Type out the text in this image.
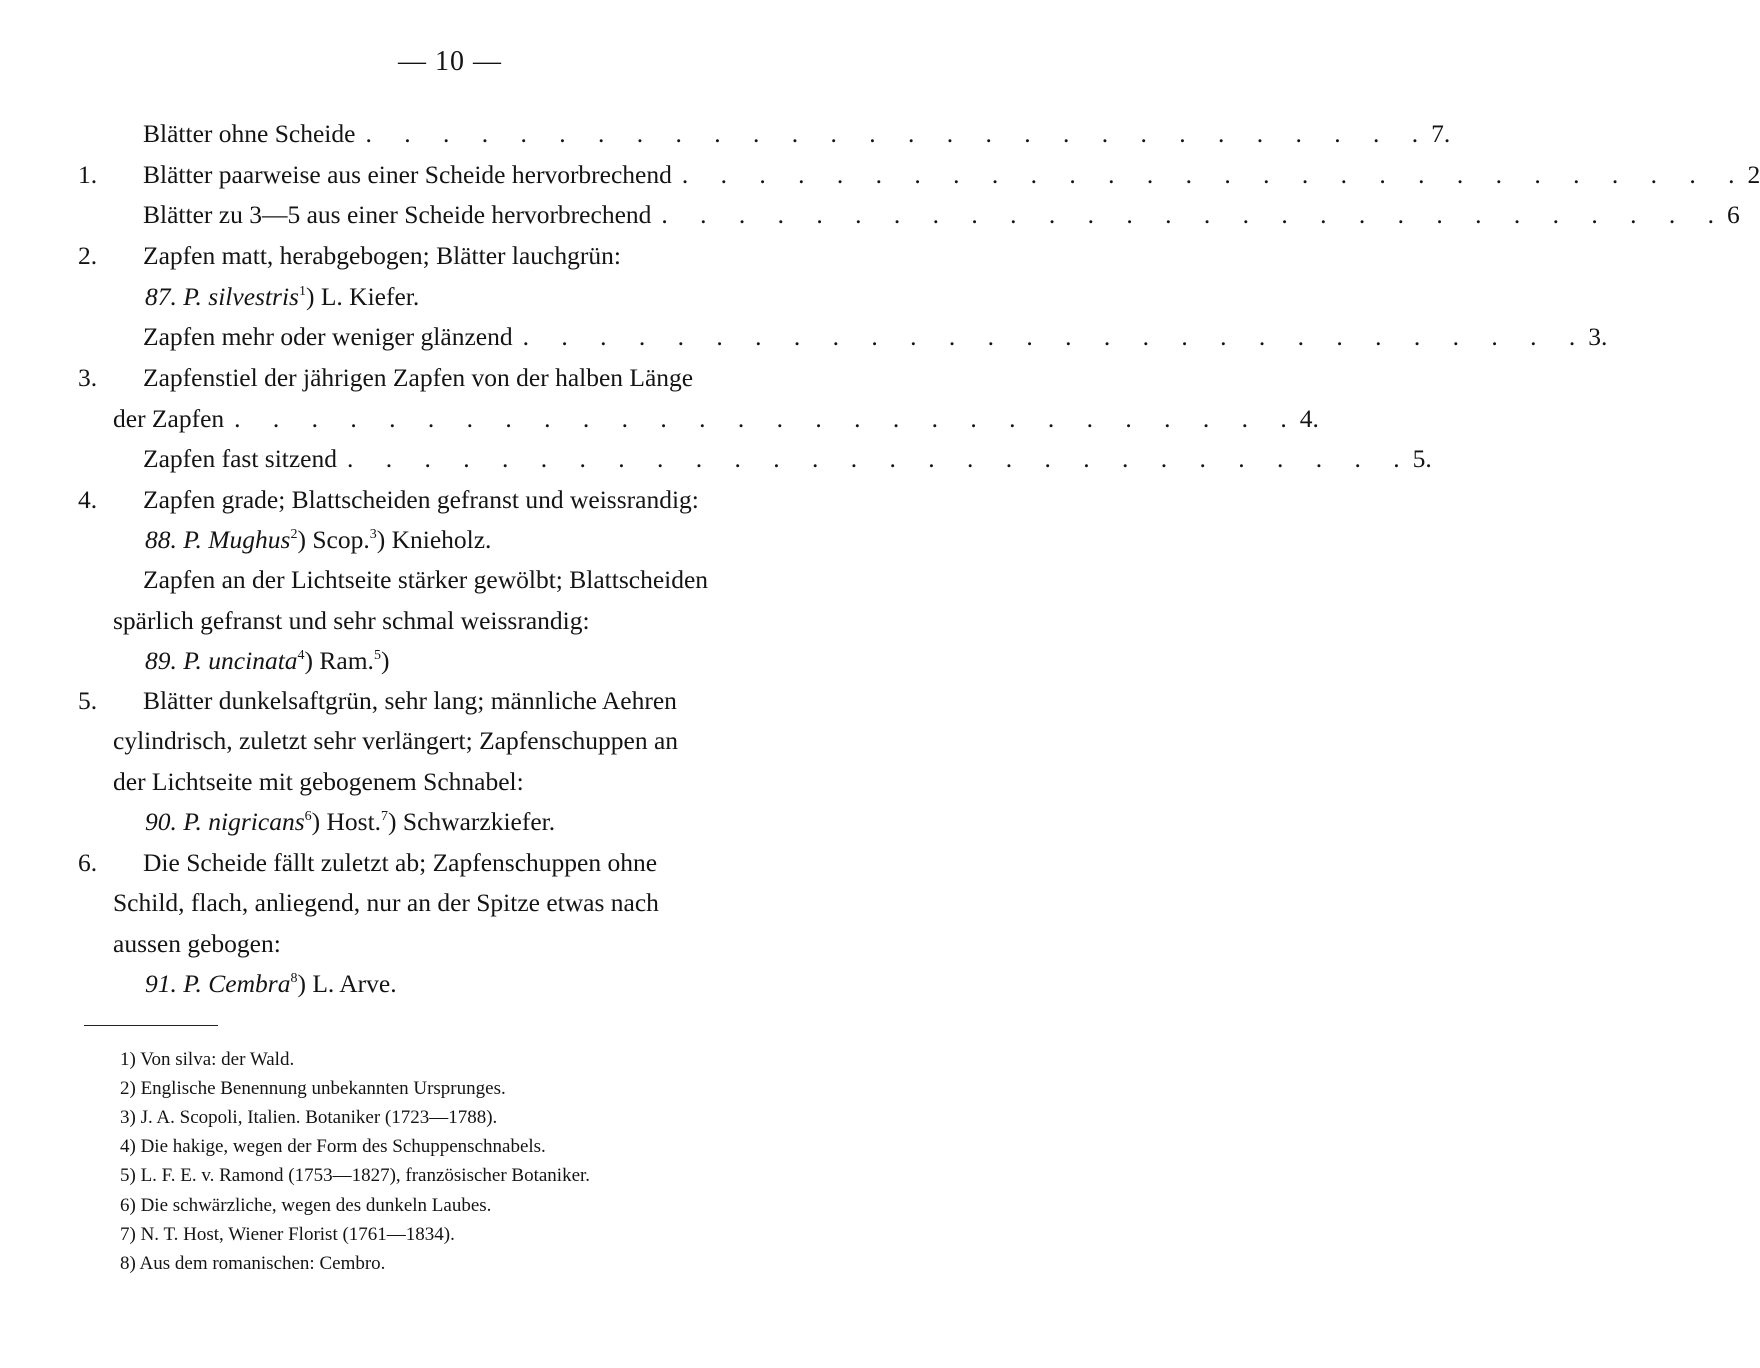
— 10 —
Blätter ohne Scheide . . . . . . . . . . . . . . . . . . . . . . . . . . . . 7.
1. Blätter paarweise aus einer Scheide hervorbrechend . . . . . . . . . . . . . . . . . . . . . . . . . . . . 2
Blätter zu 3—5 aus einer Scheide hervorbrechend . . . . . . . . . . . . . . . . . . . . . . . . . . . . 6
2. Zapfen matt, herabgebogen; Blätter lauchgrün:
87. P. silvestris$^1$) L. Kiefer.
Zapfen mehr oder weniger glänzend . . . . . . . . . . . . . . . . . . . . . . . . . . . . 3.
3. Zapfenstiel der jährigen Zapfen von der halben Länge
der Zapfen . . . . . . . . . . . . . . . . . . . . . . . . . . . . 4.
Zapfen fast sitzend . . . . . . . . . . . . . . . . . . . . . . . . . . . . 5.
4. Zapfen grade; Blattscheiden gefranst und weissrandig:
88. P. Mughus$^2$) Scop.$^3$) Knieholz.
Zapfen an der Lichtseite stärker gewölbt; Blattscheiden
spärlich gefranst und sehr schmal weissrandig:
89. P. uncinata$^4$) Ram.$^5$)
5. Blätter dunkelsaftgrün, sehr lang; männliche Aehren
cylindrisch, zuletzt sehr verlängert; Zapfenschuppen an
der Lichtseite mit gebogenem Schnabel:
90. P. nigricans$^6$) Host.$^7$) Schwarzkiefer.
6. Die Scheide fällt zuletzt ab; Zapfenschuppen ohne
Schild, flach, anliegend, nur an der Spitze etwas nach
aussen gebogen:
91. P. Cembra$^8$) L. Arve.
1) Von silva: der Wald.
2) Englische Benennung unbekannten Ursprunges.
3) J. A. Scopoli, Italien. Botaniker (1723—1788).
4) Die hakige, wegen der Form des Schuppenschnabels.
5) L. F. E. v. Ramond (1753—1827), französischer Botaniker.
6) Die schwärzliche, wegen des dunkeln Laubes.
7) N. T. Host, Wiener Florist (1761—1834).
8) Aus dem romanischen: Cembro.
